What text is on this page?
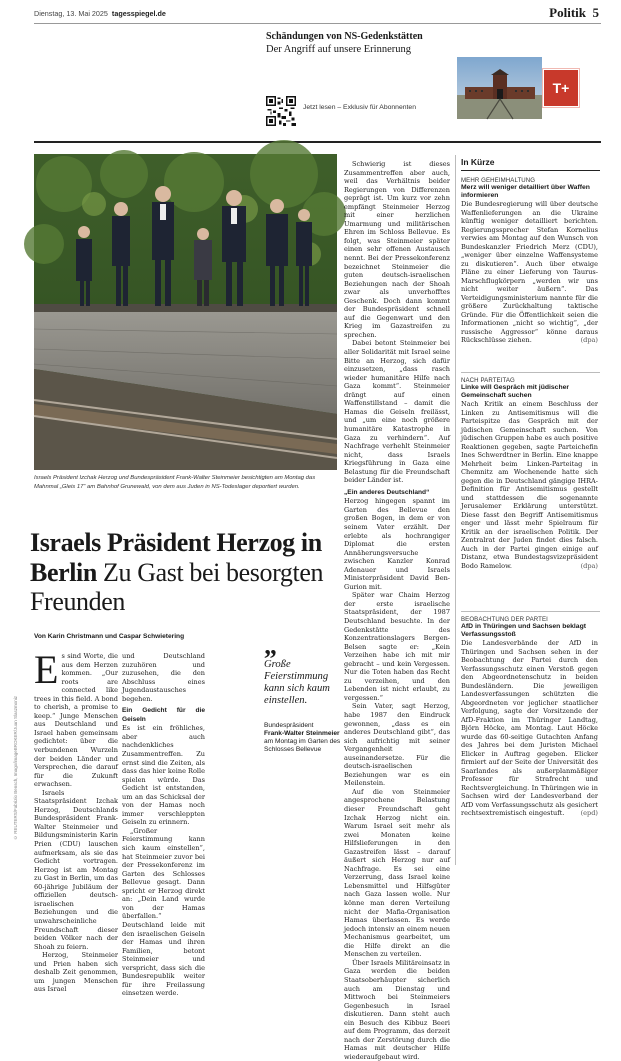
Dienstag, 13. Mai 2025 tagesspiegel.de	Politik 5
Schändungen von NS-Gedenkstätten
Der Angriff auf unsere Erinnerung
Jetzt lesen – Exklusiv für Abonnenten
T+
Israels Präsident Izchak Herzog und Bundespräsident Frank-Walter Steinmeier besichtigten am Montag das Mahnmal „Gleis 17“ am Bahnhof Grunewald, von dem aus Juden in NS-Todeslager deportiert wurden.
Israels Präsident Herzog in Berlin Zu Gast bei besorgten Freunden
Von Karin Christmann und Caspar Schwietering
E s sind Worte, die aus dem Herzen kommen. „Our roots are connected like trees in this field. A bond to cherish, a promise to keep.“ Junge Menschen aus Deutschland und Israel haben gemeinsam gedichtet: über die verbundenen Wurzeln der beiden Länder und Versprechen, die darauf für die Zukunft erwachsen.

Israels Staatspräsident Izchak Herzog, Deutschlands Bundespräsident Frank-Walter Steinmeier und Bildungsministerin Karin Prien (CDU) lauschen aufmerksam, als sie das Gedicht vortragen. Herzog ist am Montag zu Gast in Berlin, um das 60-jährige Jubiläum der offiziellen deutsch-israelischen Beziehungen und die unwahrscheinliche Freundschaft dieser beiden Völker nach der Shoah zu feiern.

Herzog, Steinmeier und Prien haben sich deshalb Zeit genommen, um jungen Menschen aus Israel

und Deutschland zuzuhören und zuzusehen, die den Abschluss eines Jugendaustausches begehen.

Ein Gedicht für die Geiseln

Es ist ein fröhliches, aber auch nachdenkliches Zusammentreffen. Zu ernst sind die Zeiten, als dass das hier keine Rolle spielen würde. Das Gedicht ist entstanden, um an das Schicksal der von der Hamas noch immer verschleppten Geiseln zu erinnern.

„Großer Feierstimmung kann sich kaum einstellen“, hat Steinmeier zuvor bei der Pressekonferenz im Garten des Schlosses Bellevue gesagt. Dann spricht er Herzog direkt an: „Dein Land wurde von der Hamas überfallen.“ Deutschland leide mit den israelischen Geiseln der Hamas und ihren Familien, betont Steinmeier und verspricht, dass sich die Bundesrepublik weiter für ihre Freilassung einsetzen werde.

„
Große Feierstimmung kann sich kaum einstellen.
Bundespräsident
Frank-Walter Steinmeier
am Montag im Garten des Schlosses Bellevue

Schwierig ist dieses Zusammentreffen aber auch, weil das Verhältnis beider Regierungen von Differenzen geprägt ist. Um kurz vor zehn empfängt Steinmeier Herzog mit einer herzlichen Umarmung und militärischen Ehren im Schloss Bellevue. Es folgt, was Steinmeier später einen sehr offenen Austausch nennt. Bei der Pressekonferenz bezeichnet Steinmeier die guten deutsch-israelischen Beziehungen nach der Shoah zwar als unverhofftes Geschenk. Doch dann kommt der Bundespräsident schnell auf die Gegenwart und den Krieg im Gazastreifen zu sprechen.

Dabei betont Steinmeier bei aller Solidarität mit Israel seine Bitte an Herzog, sich dafür einzusetzen, „dass rasch wieder humanitäre Hilfe nach Gaza kommt“. Steinmeier drängt auf einen Waffenstillstand – damit die Hamas die Geiseln freilässt, und „um eine noch größere humanitäre Katastrophe in Gaza zu verhindern“. Auf Nachfrage verhehlt Steinmeier nicht, dass Israels Kriegsführung in Gaza eine Belastung für die Freundschaft beider Länder ist.

„Ein anderes Deutschland“

Herzog hingegen spannt im Garten des Bellevue den großen Bogen, in dem er von seinem Vater erzählt. Der erlebte als hochrangiger Diplomat die ersten Annäherungsversuche zwischen Kanzler Konrad Adenauer und Israels Ministerpräsident David Ben-Gurion mit.

Später war Chaim Herzog der erste israelische Staatspräsident, der 1987 Deutschland besuchte. In der Gedenkstätte des Konzentrationslagers Bergen-Belsen sagte er: „Kein Verzeihen habe ich mit mir gebracht – und kein Vergessen. Nur die Toten haben das Recht zu verzeihen, und den Lebenden ist nicht erlaubt, zu vergessen.“

Sein Vater, sagt Herzog, habe 1987 den Eindruck gewonnen, „dass es ein anderes Deutschland gibt“, das sich aufrichtig mit seiner Vergangenheit auseinandersetze. Für die deutsch-israelischen Beziehungen war es ein Meilenstein.

Auf die von Steinmeier angesprochene Belastung dieser Freundschaft geht Izchak Herzog nicht ein. Warum Israel seit mehr als zwei Monaten keine Hilfslieferungen in den Gazastreifen lässt – darauf äußert sich Herzog nur auf Nachfrage. Es sei eine Verzerrung, dass Israel keine Lebensmittel und Hilfsgüter nach Gaza lassen wolle. Nur könne man deren Verteilung nicht der Mafia-Organisation Hamas überlassen. Es werde jedoch intensiv an einem neuen Mechanismus gearbeitet, um die Hilfe direkt an die Menschen zu verteilen.

Über Israels Militäreinsatz in Gaza werden die beiden Staatsoberhäupter sicherlich auch am Dienstag und Mittwoch bei Steinmeiers Gegenbesuch in Israel diskutieren. Dann steht auch ein Besuch des Kibbuz Beeri auf dem Programm, das derzeit nach der Zerstörung durch die Hamas mit deutscher Hilfe wiederaufgebaut wird.

In Kürze
MEHR GEHEIMHALTUNG
Merz will weniger detailliert über Waffen informieren
Die Bundesregierung will über deutsche Waffenlieferungen an die Ukraine künftig weniger detailliert berichten. Regierungssprecher Stefan Kornelius verwies am Montag auf den Wunsch von Bundeskanzler Friedrich Merz (CDU), „weniger über einzelne Waffensysteme zu diskutieren“. Auch über etwaige Pläne zu einer Lieferung von Taurus-Marschflugkörpern „werden wir uns nicht weiter äußern“. Das Verteidigungsministerium nannte für die größere Zurückhaltung taktische Gründe. Für die Öffentlichkeit seien die Informationen „nicht so wichtig“, „der russische Aggressor“ könne daraus Rückschlüsse ziehen.	(dpa)
NACH PARTEITAG
Linke will Gespräch mit jüdischer Gemeinschaft suchen
Nach Kritik an einem Beschluss der Linken zu Antisemitismus will die Parteispitze das Gespräch mit der jüdischen Gemeinschaft suchen. Von jüdischen Gruppen habe es auch positive Reaktionen gegeben, sagte Parteichefin Ines Schwerdtner in Berlin. Eine knappe Mehrheit beim Linken-Parteitag in Chemnitz am Wochenende hatte sich gegen die in Deutschland gängige IHRA-Definition für Antisemitismus gestellt und stattdessen die sogenannte Jerusalemer Erklärung unterstützt. Diese fasst den Begriff Antisemitismus enger und lässt mehr Spielraum für Kritik an der israelischen Politik. Der Zentralrat der Juden findet dies falsch. Auch in der Partei gingen einige auf Distanz, etwa Bundestagsvizepräsident Bodo Ramelow.	(dpa)
BEOBACHTUNG DER PARTEI
AfD in Thüringen und Sachsen beklagt Verfassungsstoß
Die Landesverbände der AfD in Thüringen und Sachsen sehen in der Beobachtung der Partei durch den Verfassungsschutz einen Verstoß gegen den Abgeordnetenschutz in beiden Bundesländern. Die jeweiligen Landesverfassungen schützten die Abgeordneten vor jeglicher staatlicher Verfolgung, sagte der Vorsitzende der AfD-Fraktion im Thüringer Landtag, Björn Höcke, am Montag. Laut Höcke wurde das 60-seitige Gutachten Anfang des Jahres bei dem Juristen Michael Elicker in Auftrag gegeben. Elicker firmiert auf der Seite der Universität des Saarlandes als außerplanmäßiger Professor für Strafrecht und Rechtsvergleichung. In Thüringen wie in Sachsen wird der Landesverband der AfD vom Verfassungsschutz als gesichert rechtsextremistisch eingestuft. (epd)
© REUTERS/Fabrizio Bensch, Imago/imageBROKER/Juan Slaszmoniz
